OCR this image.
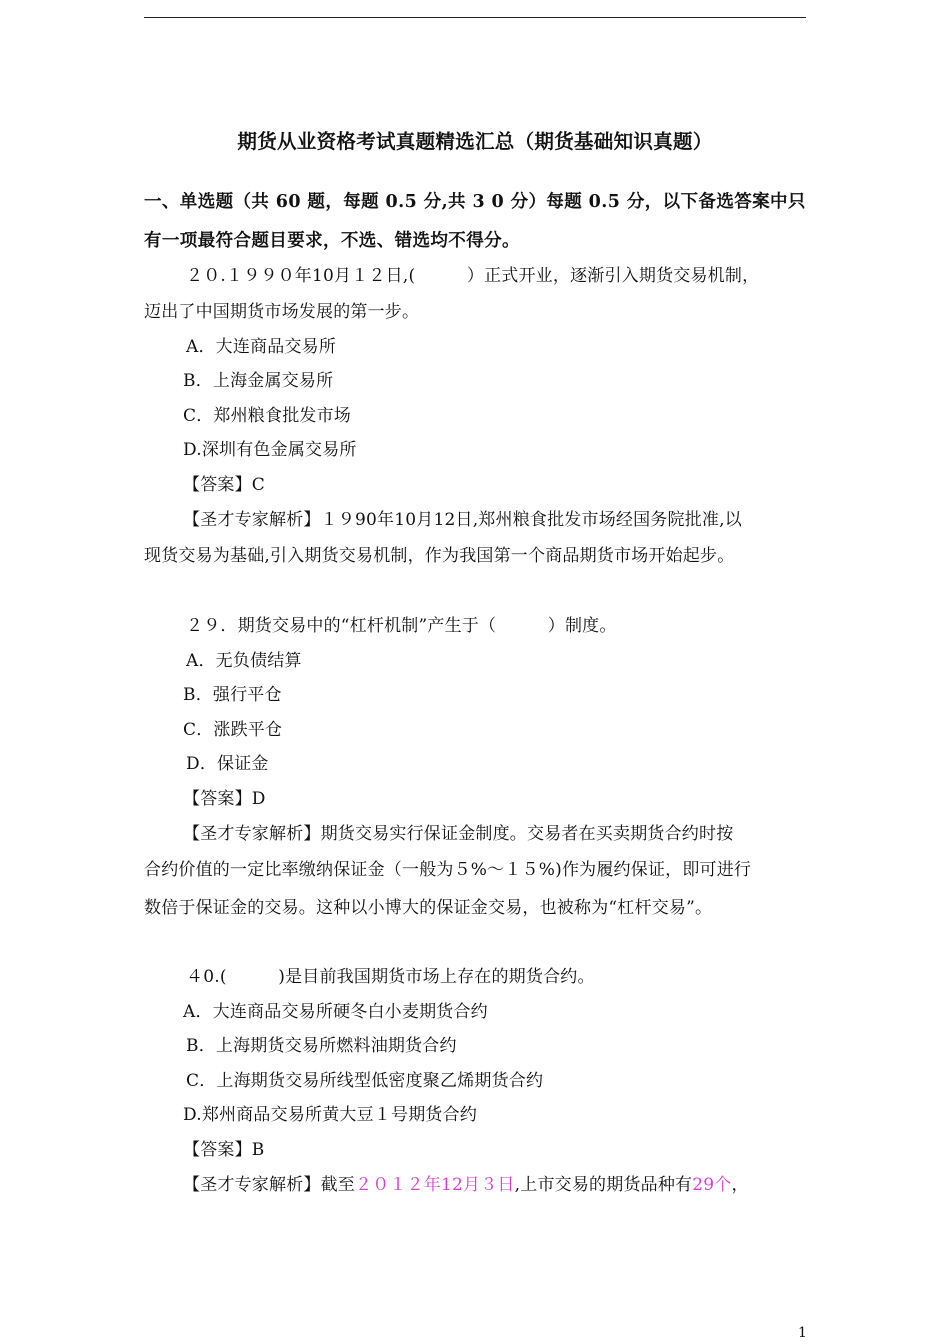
期货从业资格考试真题精选汇总（期货基础知识真题）
一、单选题（共 60 题，每题 0.5 分,共 3 0 分）每题 0.5 分，以下备选答案中只
有一项最符合题目要求，不选、错选均不得分。
２０.１９９０年10月１２日,(　　　）正式开业，逐渐引入期货交易机制，
迈出了中国期货市场发展的第一步。
A．大连商品交易所
B．上海金属交易所
C．郑州粮食批发市场
D.深圳有色金属交易所
【答案】C
【圣才专家解析】１９90年10月12日,郑州粮食批发市场经国务院批准,以
现货交易为基础,引入期货交易机制，作为我国第一个商品期货市场开始起步。
２９．期货交易中的“杠杆机制”产生于（　　　）制度。
A．无负债结算
B．强行平仓
C．涨跌平仓
D．保证金
【答案】D
【圣才专家解析】期货交易实行保证金制度。交易者在买卖期货合约时按
合约价值的一定比率缴纳保证金（一般为５%～１５%)作为履约保证，即可进行
数倍于保证金的交易。这种以小博大的保证金交易，也被称为“杠杆交易”。
４0.(　　　)是目前我国期货市场上存在的期货合约。
A．大连商品交易所硬冬白小麦期货合约
B．上海期货交易所燃料油期货合约
C．上海期货交易所线型低密度聚乙烯期货合约
D.郑州商品交易所黄大豆１号期货合约
【答案】B
【圣才专家解析】截至２０１２年12月３日,上市交易的期货品种有29个，
1
